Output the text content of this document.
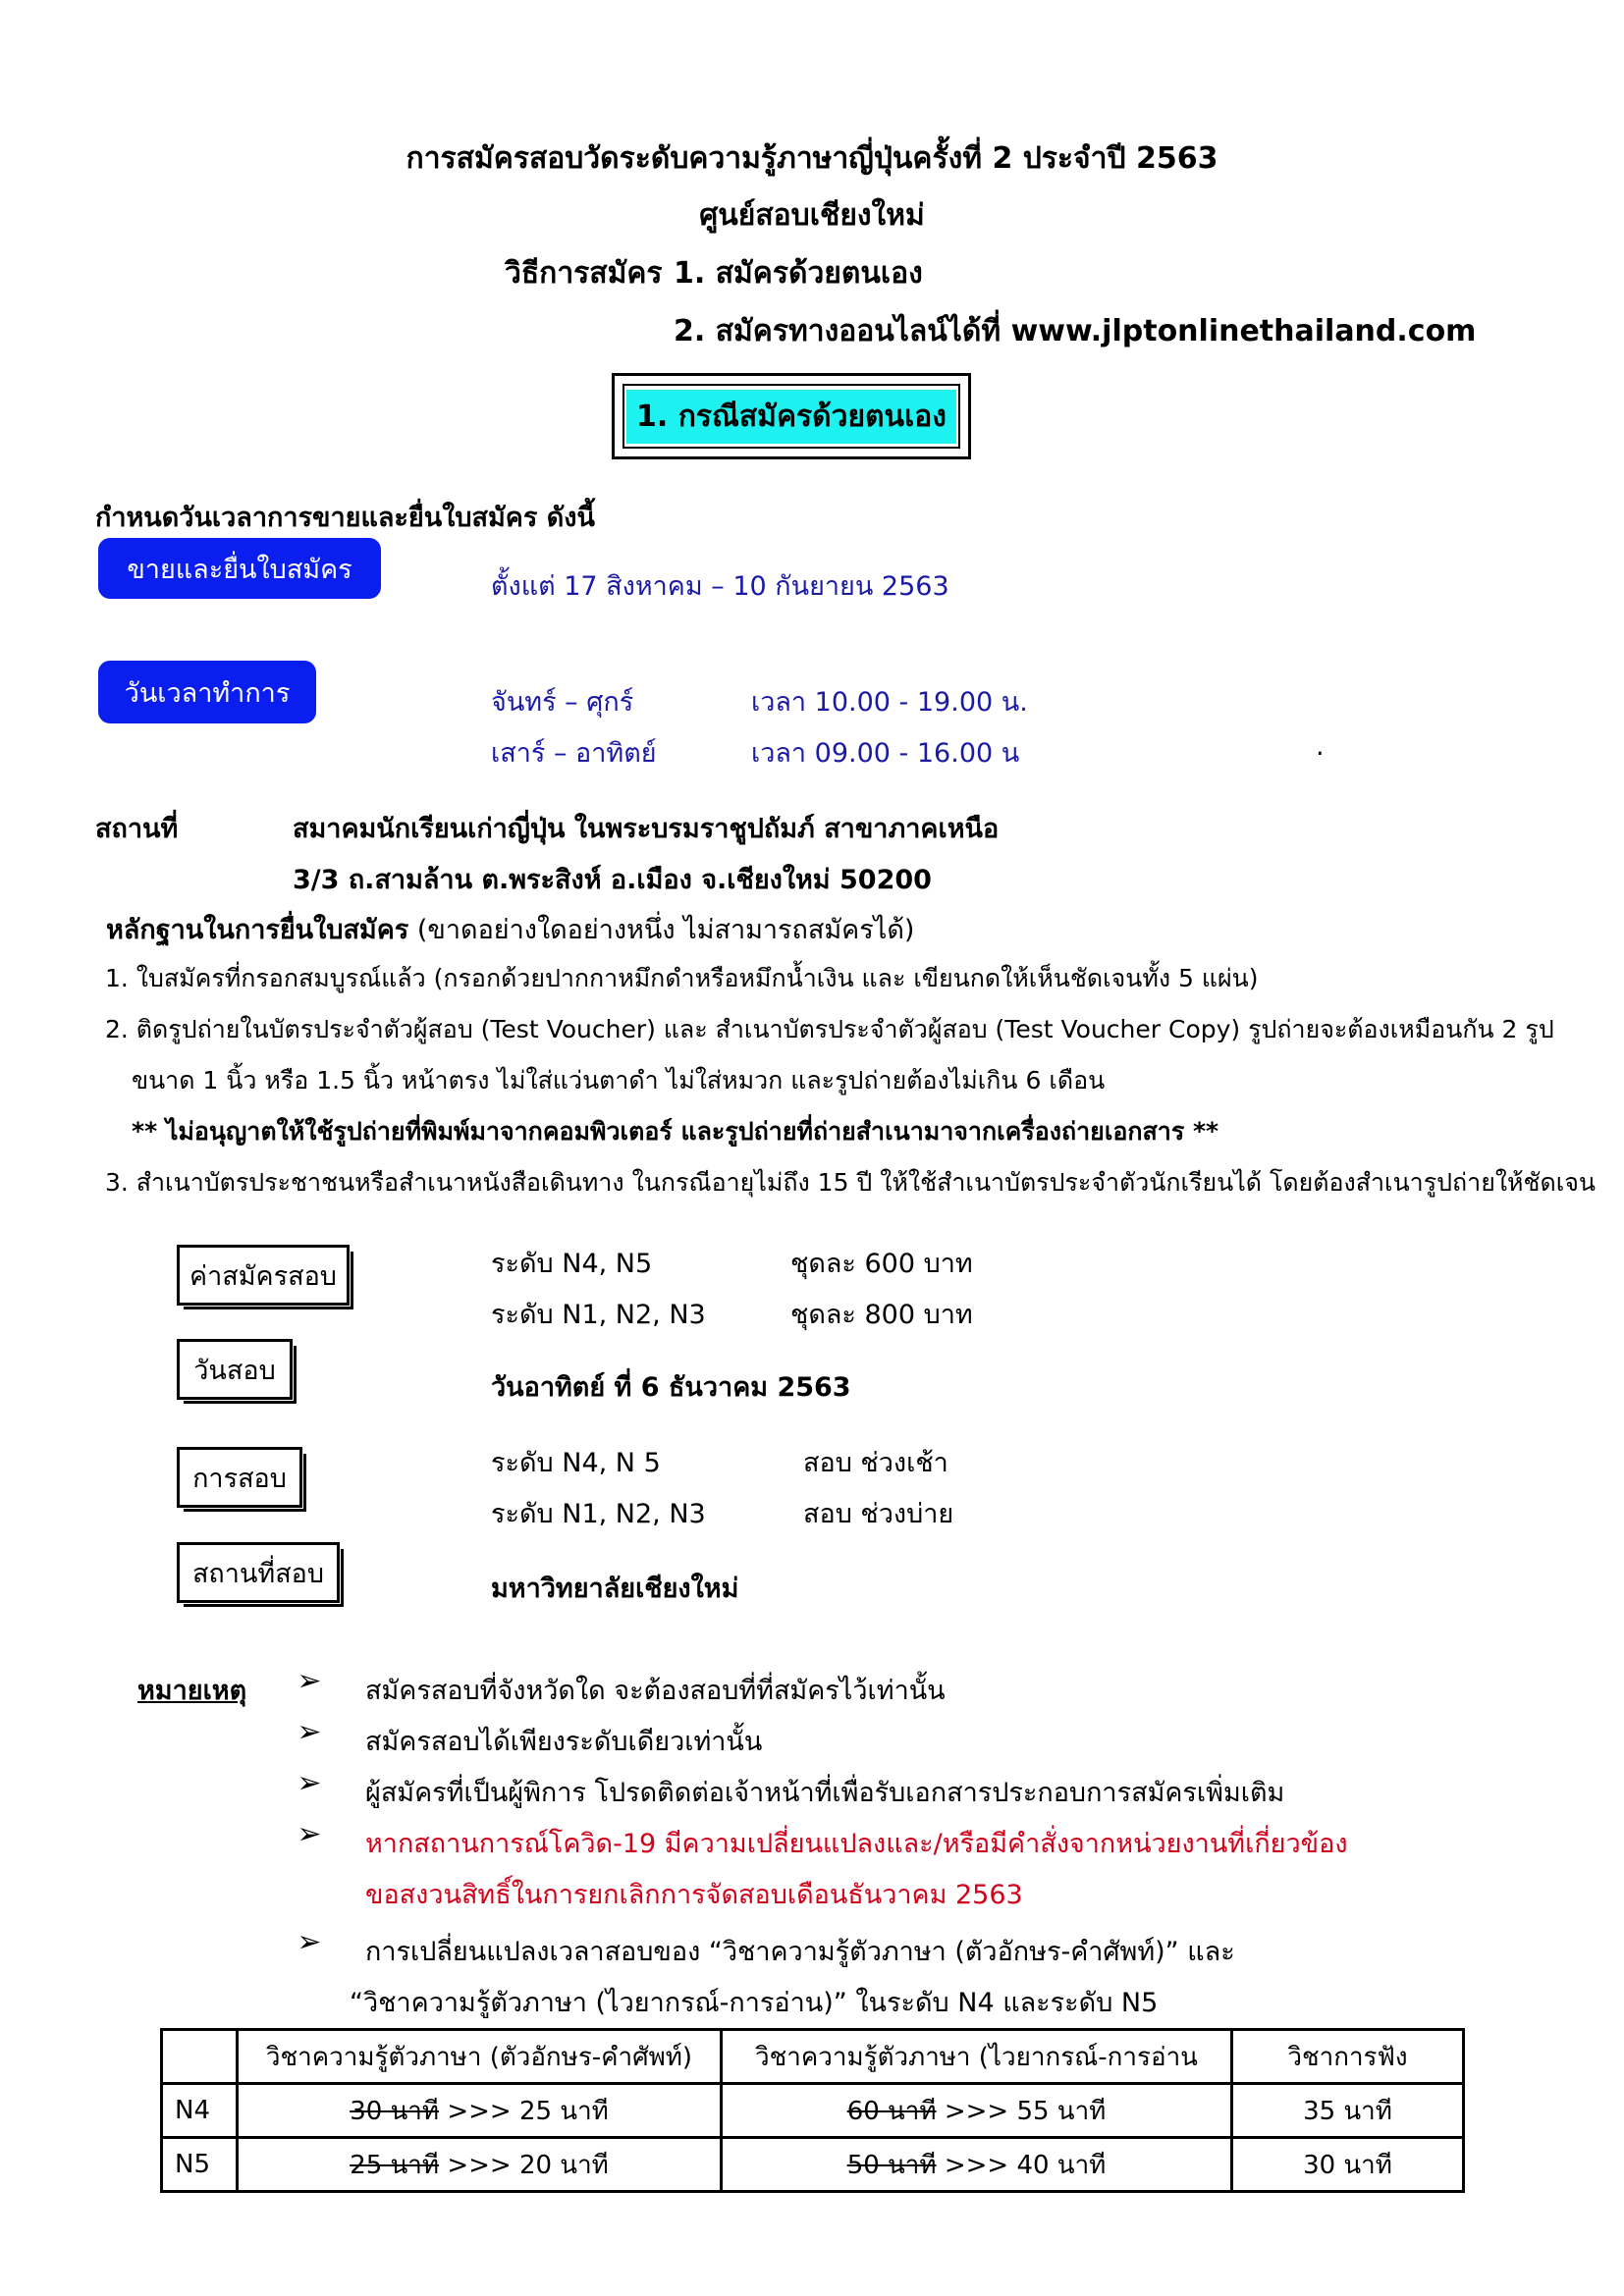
การสมัครสอบวัดระดับความรู้ภาษาญี่ปุ่นครั้งที่ 2 ประจำปี 2563
ศูนย์สอบเชียงใหม่
วิธีการสมัคร 1. สมัครด้วยตนเอง
2. สมัครทางออนไลน์ได้ที่ www.jlptonlinethailand.com
1. กรณีสมัครด้วยตนเอง
กำหนดวันเวลาการขายและยื่นใบสมัคร ดังนี้
ขายและยื่นใบสมัคร
ตั้งแต่ 17 สิงหาคม – 10 กันยายน 2563
วันเวลาทำการ	จันทร์ – ศุกร์	เวลา 10.00 - 19.00 น.
เสาร์ – อาทิตย์	เวลา 09.00 - 16.00 น	.
สถานที่	สมาคมนักเรียนเก่าญี่ปุ่น ในพระบรมราชูปถัมภ์ สาขาภาคเหนือ
3/3 ถ.สามล้าน ต.พระสิงห์ อ.เมือง จ.เชียงใหม่ 50200
หลักฐานในการยื่นใบสมัคร (ขาดอย่างใดอย่างหนึ่ง ไม่สามารถสมัครได้)
1. ใบสมัครที่กรอกสมบูรณ์แล้ว (กรอกด้วยปากกาหมึกดำหรือหมึกน้ำเงิน และ เขียนกดให้เห็นชัดเจนทั้ง 5 แผ่น)
2. ติดรูปถ่ายในบัตรประจำตัวผู้สอบ (Test Voucher) และ สำเนาบัตรประจำตัวผู้สอบ (Test Voucher Copy) รูปถ่ายจะต้องเหมือนกัน 2 รูป
ขนาด 1 นิ้ว หรือ 1.5 นิ้ว หน้าตรง ไม่ใส่แว่นตาดำ ไม่ใส่หมวก และรูปถ่ายต้องไม่เกิน 6 เดือน
** ไม่อนุญาตให้ใช้รูปถ่ายที่พิมพ์มาจากคอมพิวเตอร์ และรูปถ่ายที่ถ่ายสำเนามาจากเครื่องถ่ายเอกสาร **
3. สำเนาบัตรประชาชนหรือสำเนาหนังสือเดินทาง ในกรณีอายุไม่ถึง 15 ปี ให้ใช้สำเนาบัตรประจำตัวนักเรียนได้ โดยต้องสำเนารูปถ่ายให้ชัดเจน
ค่าสมัครสอบ	ระดับ N4, N5	ชุดละ 600 บาท
ระดับ N1, N2, N3	ชุดละ 800 บาท
วันสอบ
วันอาทิตย์ ที่ 6 ธันวาคม 2563
การสอบ	ระดับ N4, N 5	สอบ ช่วงเช้า
ระดับ N1, N2, N3	สอบ ช่วงบ่าย
สถานที่สอบ	มหาวิทยาลัยเชียงใหม่
หมายเหตุ ➢ สมัครสอบที่จังหวัดใด จะต้องสอบที่ที่สมัครไว้เท่านั้น
➢ สมัครสอบได้เพียงระดับเดียวเท่านั้น
➢ ผู้สมัครที่เป็นผู้พิการ โปรดติดต่อเจ้าหน้าที่เพื่อรับเอกสารประกอบการสมัครเพิ่มเติม
➢ หากสถานการณ์โควิด-19 มีความเปลี่ยนแปลงและ/หรือมีคำสั่งจากหน่วยงานที่เกี่ยวข้อง
ขอสงวนสิทธิ์ในการยกเลิกการจัดสอบเดือนธันวาคม 2563
➢ การเปลี่ยนแปลงเวลาสอบของ “วิชาความรู้ตัวภาษา (ตัวอักษร-คำศัพท์)” และ
“วิชาความรู้ตัวภาษา (ไวยากรณ์-การอ่าน)” ในระดับ N4 และระดับ N5
	วิชาความรู้ตัวภาษา (ตัวอักษร-คำศัพท์)	วิชาความรู้ตัวภาษา (ไวยากรณ์-การอ่าน	วิชาการฟัง
N4	30 นาที >>> 25 นาที	60 นาที >>> 55 นาที	35 นาที
N5	25 นาที >>> 20 นาที	50 นาที >>> 40 นาที	30 นาที
